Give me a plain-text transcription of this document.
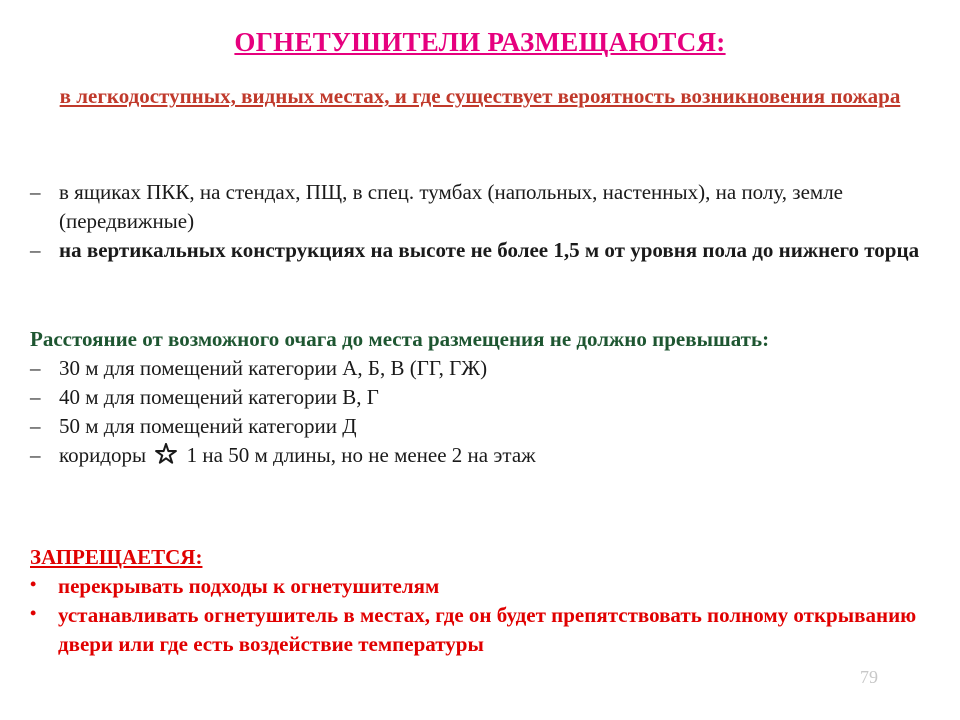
ОГНЕТУШИТЕЛИ РАЗМЕЩАЮТСЯ:
в легкодоступных, видных местах, и где существует вероятность возникновения пожара
– в ящиках ПКК, на стендах, ПЩ, в спец. тумбах (напольных, настенных), на полу, земле (передвижные)
– на вертикальных конструкциях на высоте не более 1,5 м от уровня пола до нижнего торца
Расстояние от возможного очага до места размещения не должно превышать:
– 30 м для помещений категории А, Б, В (ГГ, ГЖ)
– 40 м для помещений категории В, Г
– 50 м для помещений категории Д
– коридоры 1 на 50 м длины, но не менее 2 на этаж
ЗАПРЕЩАЕТСЯ:
•	перекрывать подходы к огнетушителям
•	устанавливать огнетушитель в местах, где он будет препятствовать полному открыванию двери или где есть воздействие температуры
79
